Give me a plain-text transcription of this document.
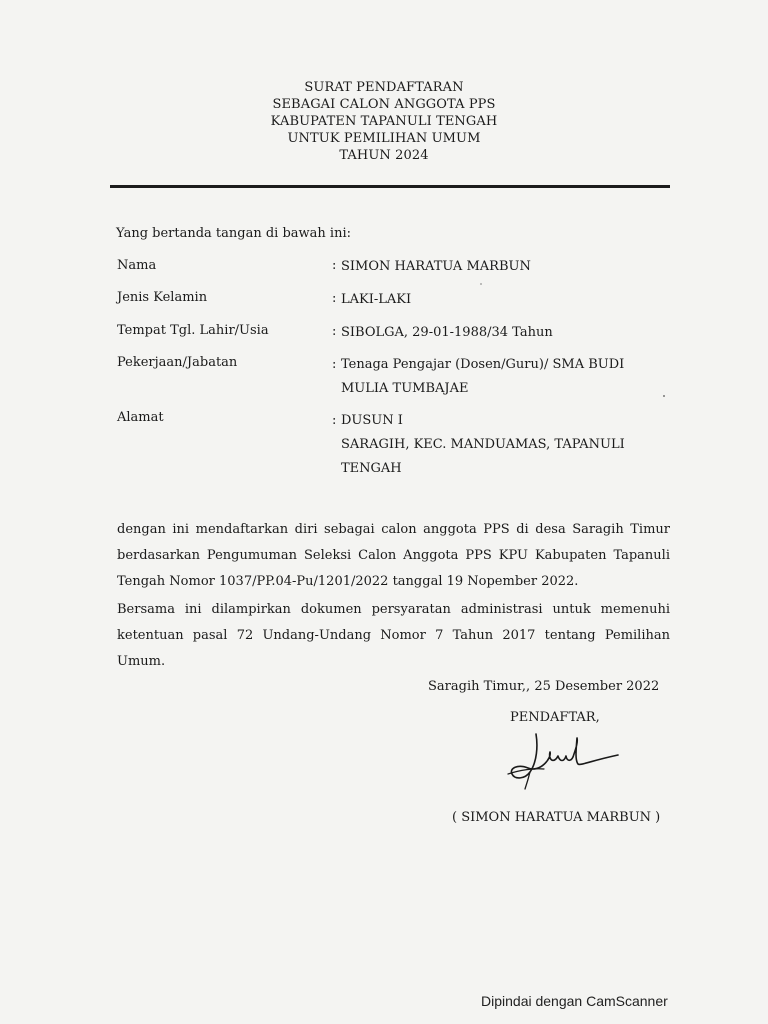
SURAT PENDAFTARAN
SEBAGAI CALON ANGGOTA PPS
KABUPATEN TAPANULI TENGAH
UNTUK PEMILIHAN UMUM
TAHUN 2024
Yang bertanda tangan di bawah ini:
Nama	: SIMON HARATUA MARBUN
Jenis Kelamin	: LAKI-LAKI
Tempat Tgl. Lahir/Usia	: SIBOLGA, 29-01-1988/34 Tahun
Pekerjaan/Jabatan	: Tenaga Pengajar (Dosen/Guru)/ SMA BUDI
MULIA TUMBAJAE
Alamat	: DUSUN I
SARAGIH, KEC. MANDUAMAS, TAPANULI
TENGAH
dengan ini mendaftarkan diri sebagai calon anggota PPS di desa Saragih Timur
berdasarkan Pengumuman Seleksi Calon Anggota PPS KPU Kabupaten Tapanuli
Tengah Nomor 1037/PP.04-Pu/1201/2022 tanggal 19 Nopember 2022.
Bersama ini dilampirkan dokumen persyaratan administrasi untuk memenuhi
ketentuan pasal 72 Undang-Undang Nomor 7 Tahun 2017 tentang Pemilihan
Umum.
Saragih Timur,, 25 Desember 2022
PENDAFTAR,
( SIMON HARATUA MARBUN )
Dipindai dengan CamScanner
